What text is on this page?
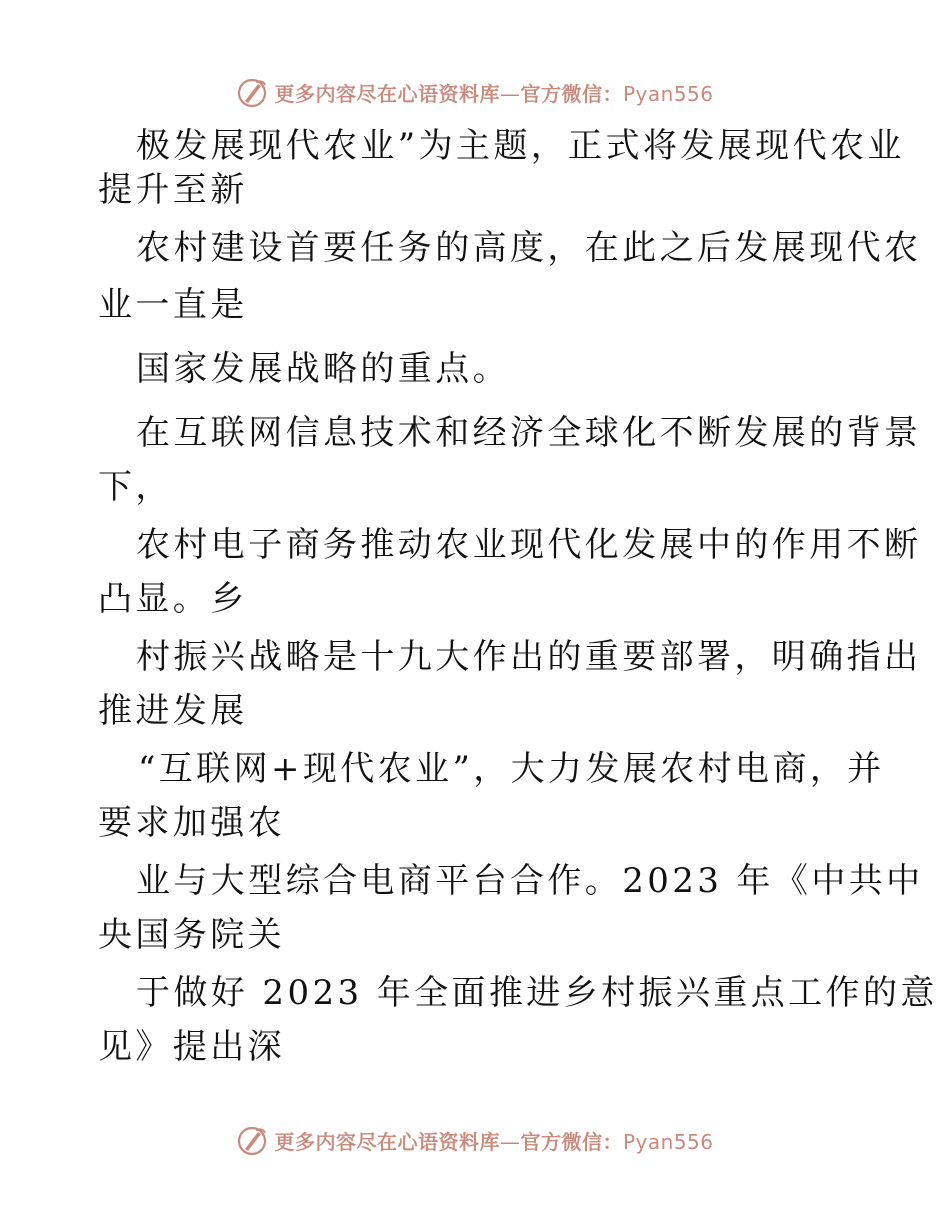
更多内容尽在心语资料库—官方微信：Pyan556
极发展现代农业”为主题，正式将发展现代农业
提升至新
农村建设首要任务的高度，在此之后发展现代农
业一直是
国家发展战略的重点。
在互联网信息技术和经济全球化不断发展的背景
下，
农村电子商务推动农业现代化发展中的作用不断
凸显。乡
村振兴战略是十九大作出的重要部署，明确指出
推进发展
“互联网+现代农业”，大力发展农村电商，并
要求加强农
业与大型综合电商平台合作。2023 年《中共中
央国务院关
于做好 2023 年全面推进乡村振兴重点工作的意
见》提出深
更多内容尽在心语资料库—官方微信：Pyan556
